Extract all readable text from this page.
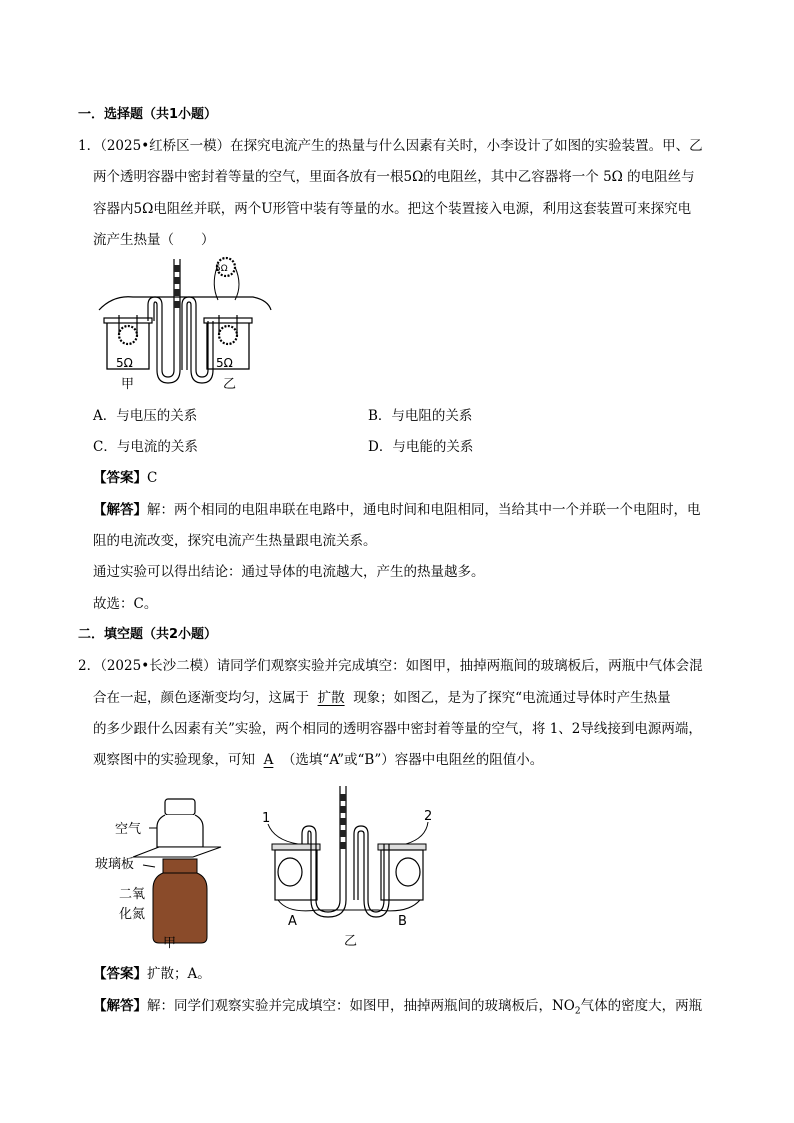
一．选择题（共1小题）
1．（2025•红桥区一模）在探究电流产生的热量与什么因素有关时，小李设计了如图的实验装置。甲、乙
两个透明容器中密封着等量的空气，里面各放有一根5Ω的电阻丝，其中乙容器将一个 5Ω 的电阻丝与
容器内5Ω电阻丝并联，两个U形管中装有等量的水。把这个装置接入电源，利用这套装置可来探究电
流产生热量（　　）
5Ω	5Ω
5Ω
甲	乙
A．与电压的关系	B．与电阻的关系
C．与电流的关系	D．与电能的关系
【答案】C
【解答】解：两个相同的电阻串联在电路中，通电时间和电阻相同，当给其中一个并联一个电阻时，电
阻的电流改变，探究电流产生热量跟电流关系。
通过实验可以得出结论：通过导体的电流越大，产生的热量越多。
故选：C。
二．填空题（共2小题）
2．（2025•长沙二模）请同学们观察实验并完成填空：如图甲，抽掉两瓶间的玻璃板后，两瓶中气体会混
合在一起，颜色逐渐变均匀，这属于 扩散 现象；如图乙，是为了探究“电流通过导体时产生热量
的多少跟什么因素有关”实验，两个相同的透明容器中密封着等量的空气，将 1、2导线接到电源两端，
观察图中的实验现象，可知 A （选填“A”或“B”）容器中电阻丝的阻值小。
空气
玻璃板
二氧
化氮
甲
1	2
A	B
乙
【答案】扩散；A。
【解答】解：同学们观察实验并完成填空：如图甲，抽掉两瓶间的玻璃板后，$NO_2$气体的密度大，两瓶
